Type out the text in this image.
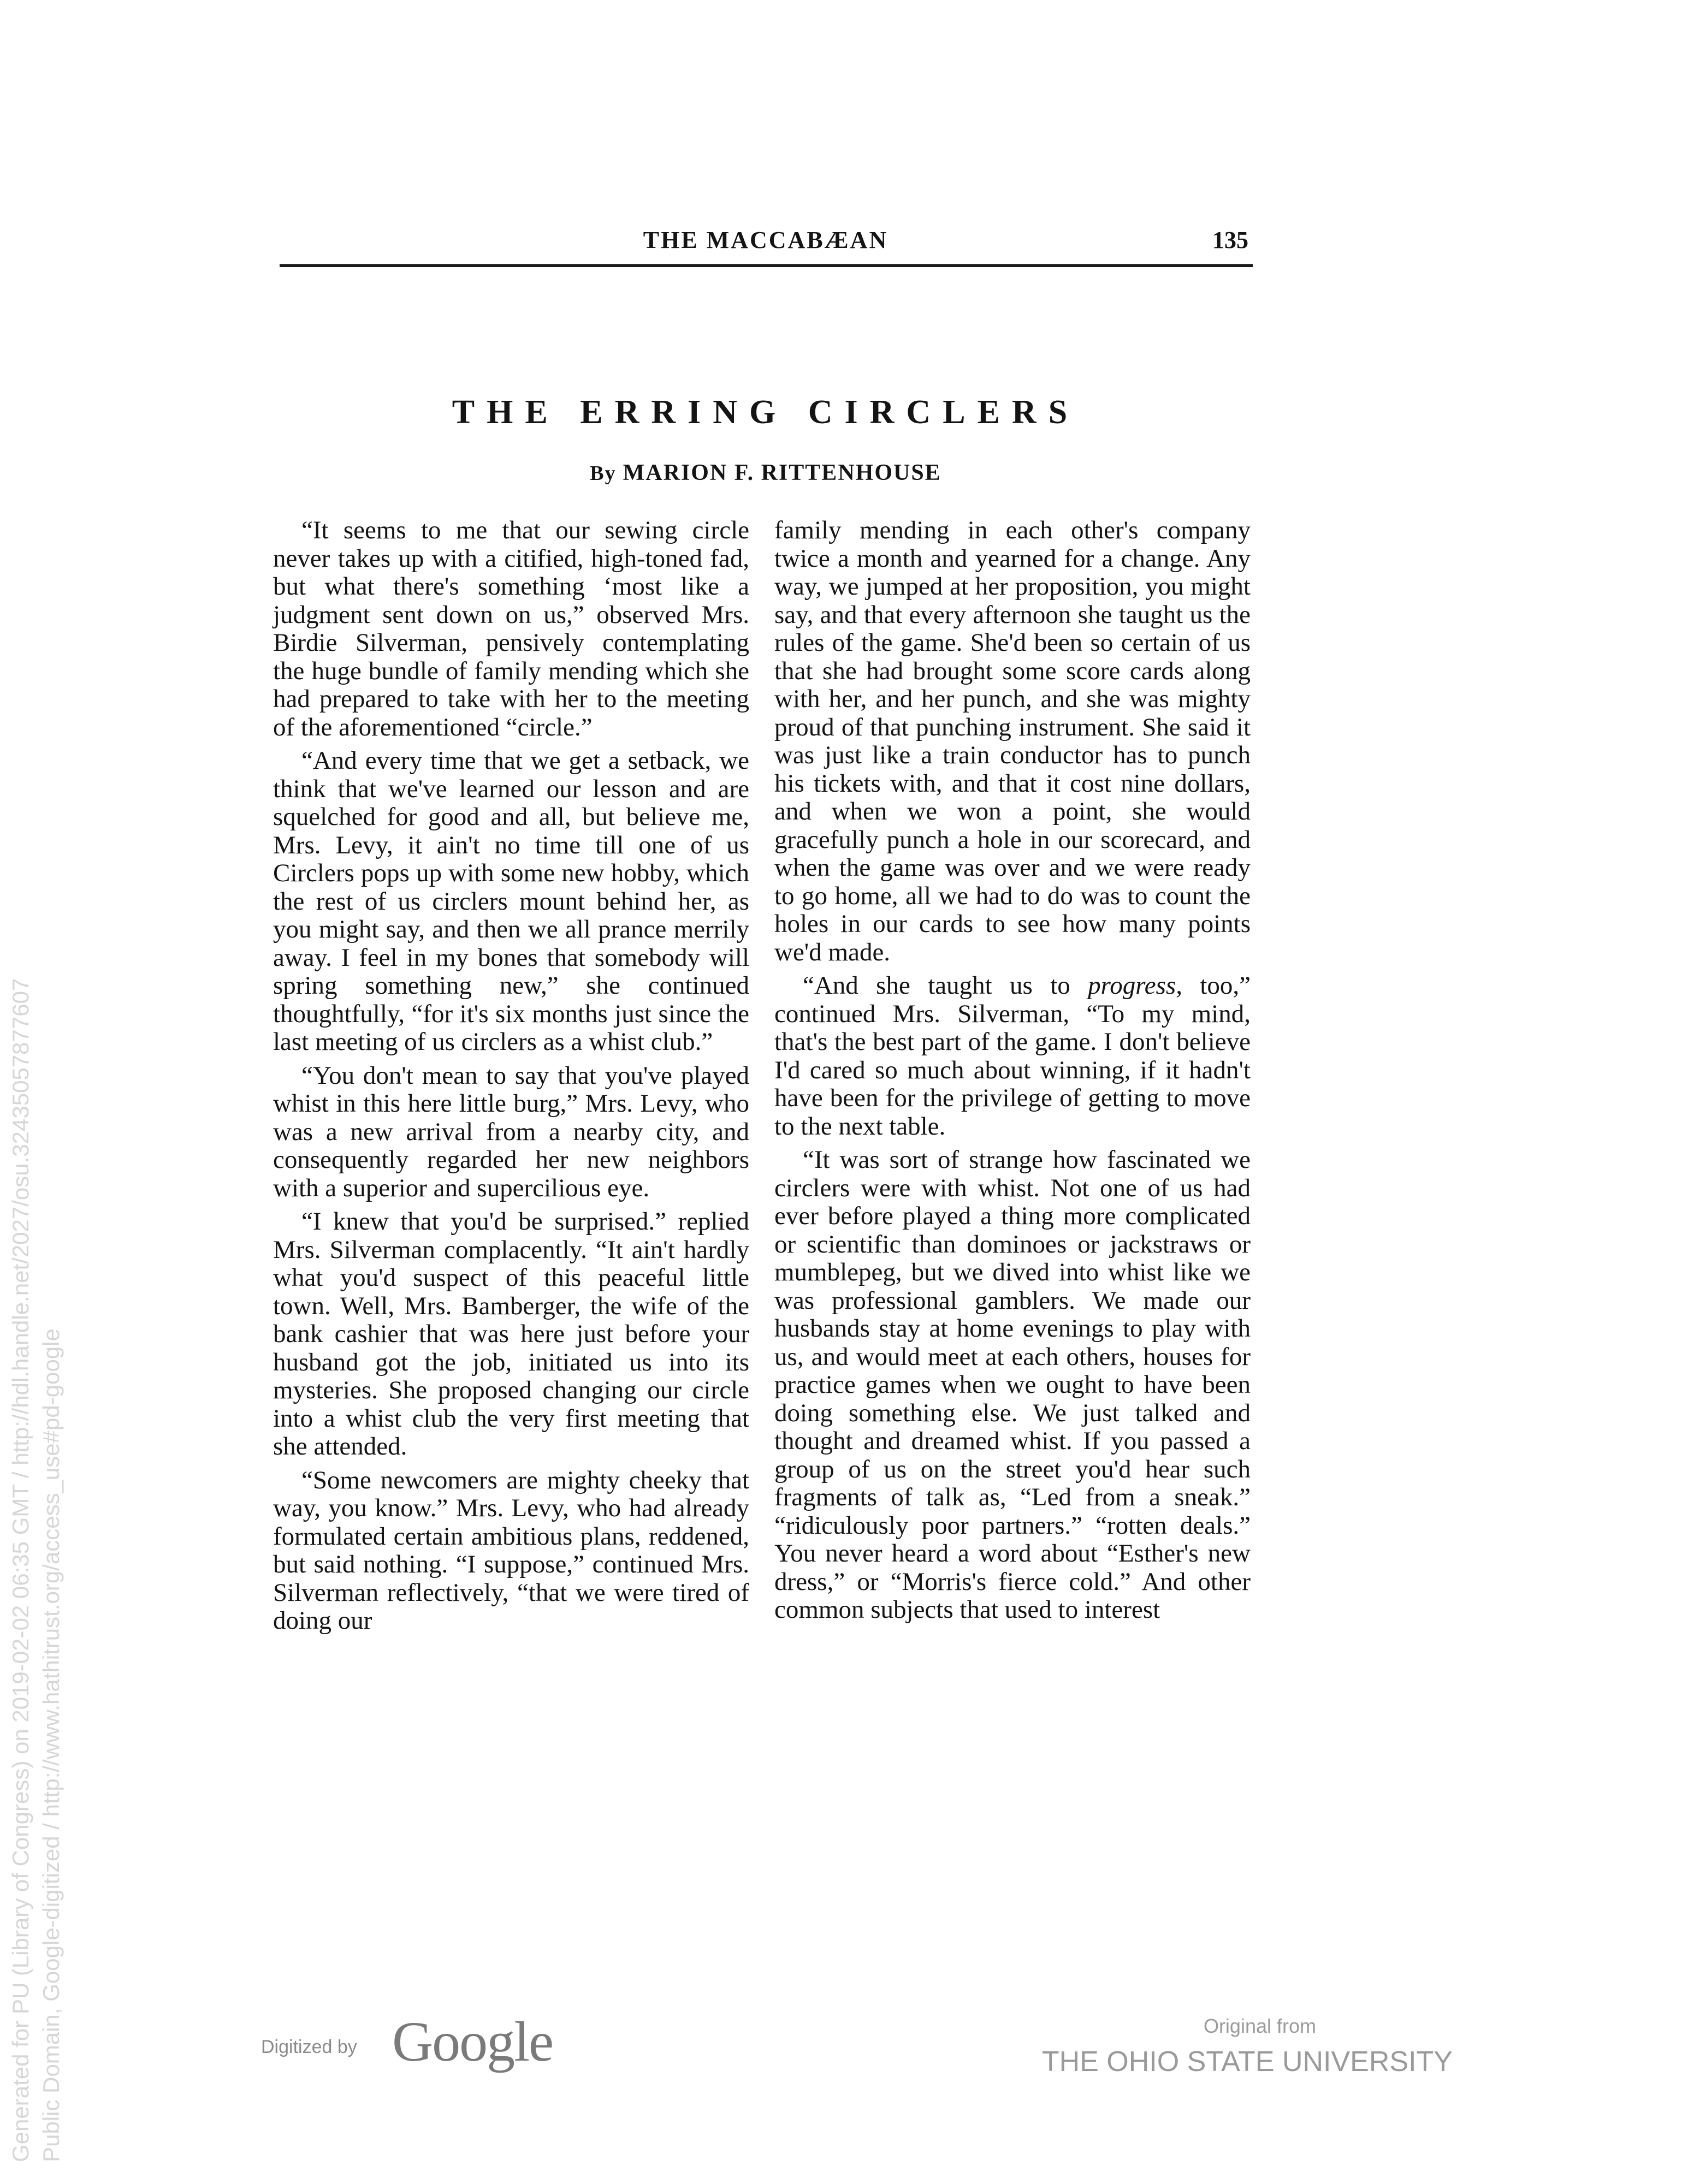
THE MACCABÆAN	135
THE ERRING CIRCLERS
By MARION F. RITTENHOUSE

“It seems to me that our sewing circle never takes up with a citified, high-toned fad, but what there's something ‘most like a judgment sent down on us,” observed Mrs. Birdie Silverman, pensively contemplating the huge bundle of family mending which she had prepared to take with her to the meeting of the aforementioned “circle.”

“And every time that we get a setback, we think that we've learned our lesson and are squelched for good and all, but believe me, Mrs. Levy, it ain't no time till one of us Circlers pops up with some new hobby, which the rest of us circlers mount behind her, as you might say, and then we all prance merrily away. I feel in my bones that somebody will spring something new,” she continued thoughtfully, “for it's six months just since the last meeting of us circlers as a whist club.”

“You don't mean to say that you've played whist in this here little burg,” Mrs. Levy, who was a new arrival from a nearby city, and consequently regarded her new neighbors with a superior and supercilious eye.

“I knew that you'd be surprised.” replied Mrs. Silverman complacently. “It ain't hardly what you'd suspect of this peaceful little town. Well, Mrs. Bamberger, the wife of the bank cashier that was here just before your husband got the job, initiated us into its mysteries. She proposed changing our circle into a whist club the very first meeting that she attended.

“Some newcomers are mighty cheeky that way, you know.” Mrs. Levy, who had already formulated certain ambitious plans, reddened, but said nothing. “I suppose,” continued Mrs. Silverman reflectively, “that we were tired of doing our

family mending in each other's company twice a month and yearned for a change. Any way, we jumped at her proposition, you might say, and that every afternoon she taught us the rules of the game. She'd been so certain of us that she had brought some score cards along with her, and her punch, and she was mighty proud of that punching instrument. She said it was just like a train conductor has to punch his tickets with, and that it cost nine dollars, and when we won a point, she would gracefully punch a hole in our scorecard, and when the game was over and we were ready to go home, all we had to do was to count the holes in our cards to see how many points we'd made.

“And she taught us to progress, too,” continued Mrs. Silverman, “To my mind, that's the best part of the game. I don't believe I'd cared so much about winning, if it hadn't have been for the privilege of getting to move to the next table.

“It was sort of strange how fascinated we circlers were with whist. Not one of us had ever before played a thing more complicated or scientific than dominoes or jackstraws or mumblepeg, but we dived into whist like we was professional gamblers. We made our husbands stay at home evenings to play with us, and would meet at each others, houses for practice games when we ought to have been doing something else. We just talked and thought and dreamed whist. If you passed a group of us on the street you'd hear such fragments of talk as, “Led from a sneak.” “ridiculously poor partners.” “rotten deals.” You never heard a word about “Esther's new dress,” or “Morris's fierce cold.” And other common subjects that used to interest

Digitized by Google	Original from
THE OHIO STATE UNIVERSITY
Generated for PU (Library of Congress) on 2019-02-02 06:35 GMT / http://hdl.handle.net/2027/osu.32435057877607 Public Domain, Google-digitized / http://www.hathitrust.org/access_use#pd-google
